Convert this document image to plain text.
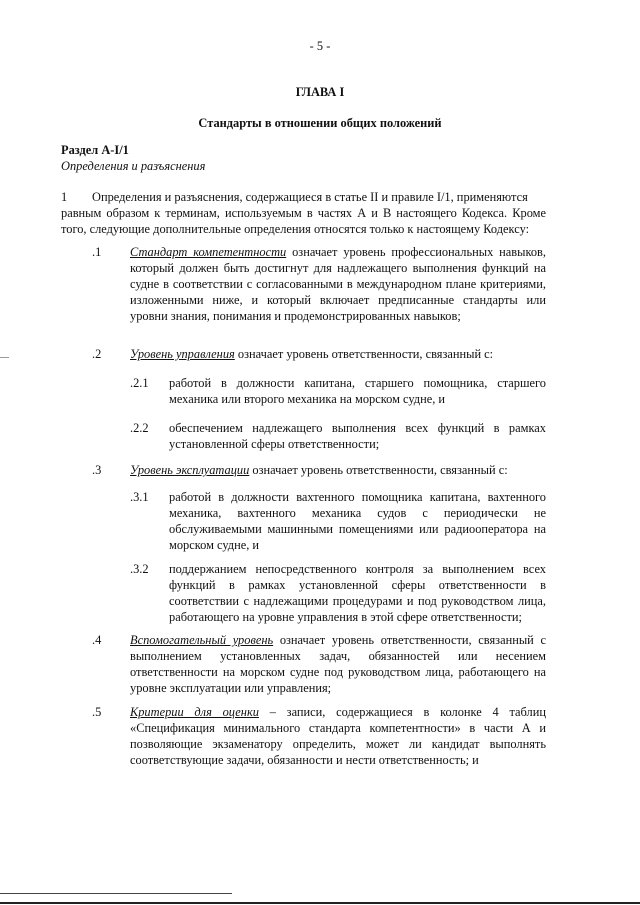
- 5 -
ГЛАВА I
Стандарты в отношении общих положений
Раздел А-I/1
Определения и разъяснения
1 Определения и разъяснения, содержащиеся в статье II и правиле I/1, применяются
равным образом к терминам, используемым в частях А и В настоящего Кодекса. Кроме того, следующие дополнительные определения относятся только к настоящему Кодексу:
.1 Стандарт компетентности означает уровень профессиональных навыков, который должен быть достигнут для надлежащего выполнения функций на судне в соответствии с согласованными в международном плане критериями, изложенными ниже, и который включает предписанные стандарты или уровни знания, понимания и продемонстрированных навыков;
.2 Уровень управления означает уровень ответственности, связанный с:
.2.1 работой в должности капитана, старшего помощника, старшего механика или второго механика на морском судне, и
.2.2 обеспечением надлежащего выполнения всех функций в рамках установленной сферы ответственности;
.3 Уровень эксплуатации означает уровень ответственности, связанный с:
.3.1 работой в должности вахтенного помощника капитана, вахтенного механика, вахтенного механика судов с периодически не обслуживаемыми машинными помещениями или радиооператора на морском судне, и
.3.2 поддержанием непосредственного контроля за выполнением всех функций в рамках установленной сферы ответственности в соответствии с надлежащими процедурами и под руководством лица, работающего на уровне управления в этой сфере ответственности;
.4 Вспомогательный уровень означает уровень ответственности, связанный с выполнением установленных задач, обязанностей или несением ответственности на морском судне под руководством лица, работающего на уровне эксплуатации или управления;
.5 Критерии для оценки – записи, содержащиеся в колонке 4 таблиц «Спецификация минимального стандарта компетентности» в части А и позволяющие экзаменатору определить, может ли кандидат выполнять соответствующие задачи, обязанности и нести ответственность; и
